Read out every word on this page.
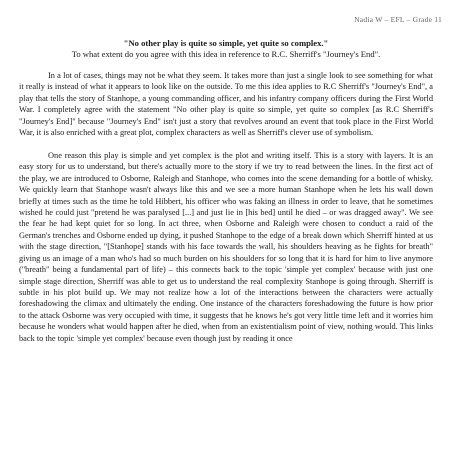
Nadia W – EFL – Grade 11
"No other play is quite so simple, yet quite so complex."
To what extent do you agree with this idea in reference to R.C. Sherriff's "Journey's End".

In a lot of cases, things may not be what they seem. It takes more than just a single look to see something for what it really is instead of what it appears to look like on the outside. To me this idea applies to R.C Sherriff's "Journey's End", a play that tells the story of Stanhope, a young commanding officer, and his infantry company officers during the First World War. I completely agree with the statement "No other play is quite so simple, yet quite so complex [as R.C Sherriff's "Journey's End]" because "Journey's End" isn't just a story that revolves around an event that took place in the First World War, it is also enriched with a great plot, complex characters as well as Sherriff's clever use of symbolism.

One reason this play is simple and yet complex is the plot and writing itself. This is a story with layers. It is an easy story for us to understand, but there's actually more to the story if we try to read between the lines. In the first act of the play, we are introduced to Osborne, Raleigh and Stanhope, who comes into the scene demanding for a bottle of whisky. We quickly learn that Stanhope wasn't always like this and we see a more human Stanhope when he lets his wall down briefly at times such as the time he told Hibbert, his officer who was faking an illness in order to leave, that he sometimes wished he could just "pretend he was paralysed [...] and just lie in [his bed] until he died – or was dragged away". We see the fear he had kept quiet for so long. In act three, when Osborne and Raleigh were chosen to conduct a raid of the German's trenches and Osborne ended up dying, it pushed Stanhope to the edge of a break down which Sherriff hinted at us with the stage direction, "[Stanhope] stands with his face towards the wall, his shoulders heaving as he fights for breath" giving us an image of a man who's had so much burden on his shoulders for so long that it is hard for him to live anymore ("breath" being a fundamental part of life) – this connects back to the topic 'simple yet complex' because with just one simple stage direction, Sherriff was able to get us to understand the real complexity Stanhope is going through. Sherriff is subtle in his plot build up. We may not realize how a lot of the interactions between the characters were actually foreshadowing the climax and ultimately the ending. One instance of the characters foreshadowing the future is how prior to the attack Osborne was very occupied with time, it suggests that he knows he's got very little time left and it worries him because he wonders what would happen after he died, when from an existentialism point of view, nothing would. This links back to the topic 'simple yet complex' because even though just by reading it once
